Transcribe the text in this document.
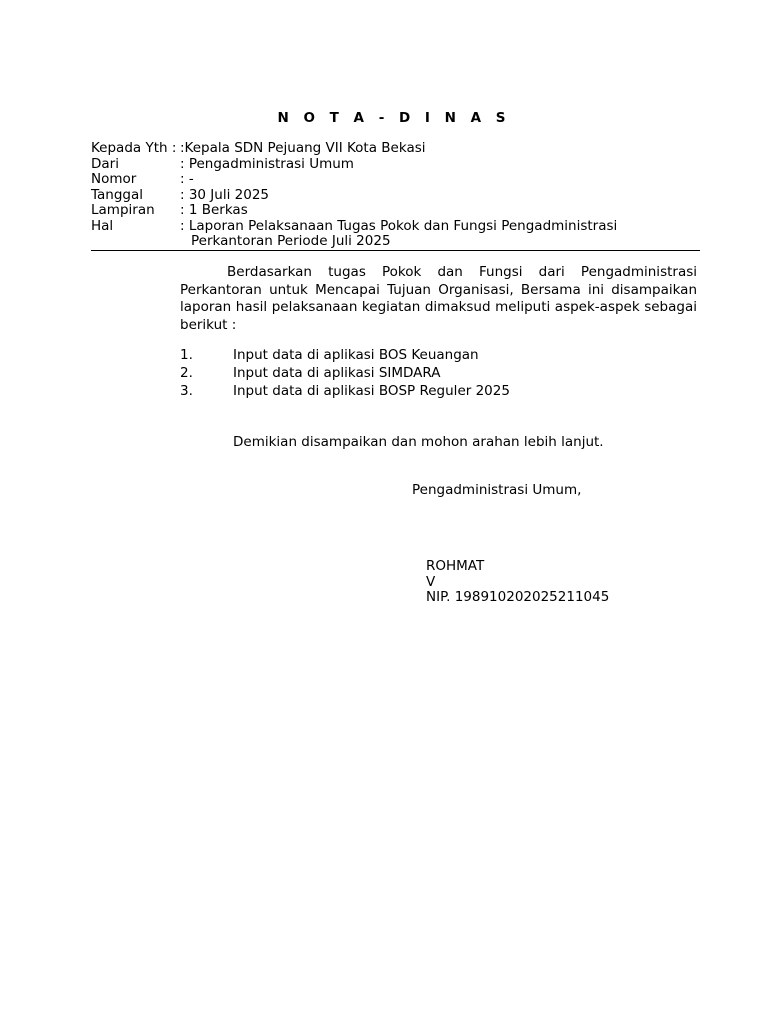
N O T A - D I N A S
Kepada Yth : :Kepala SDN Pejuang VII Kota Bekasi
Dari	: Pengadministrasi Umum
Nomor	: -
Tanggal	: 30 Juli 2025
Lampiran : 1 Berkas
Hal	: Laporan Pelaksanaan Tugas Pokok dan Fungsi Pengadministrasi
Perkantoran Periode Juli 2025
Berdasarkan tugas Pokok dan Fungsi dari Pengadministrasi Perkantoran untuk Mencapai Tujuan Organisasi, Bersama ini disampaikan laporan hasil pelaksanaan kegiatan dimaksud meliputi aspek-aspek sebagai berikut :
1.	Input data di aplikasi BOS Keuangan
2.	Input data di aplikasi SIMDARA
3.	Input data di aplikasi BOSP Reguler 2025
Demikian disampaikan dan mohon arahan lebih lanjut.
Pengadministrasi Umum,
ROHMAT
V
NIP. 198910202025211045
